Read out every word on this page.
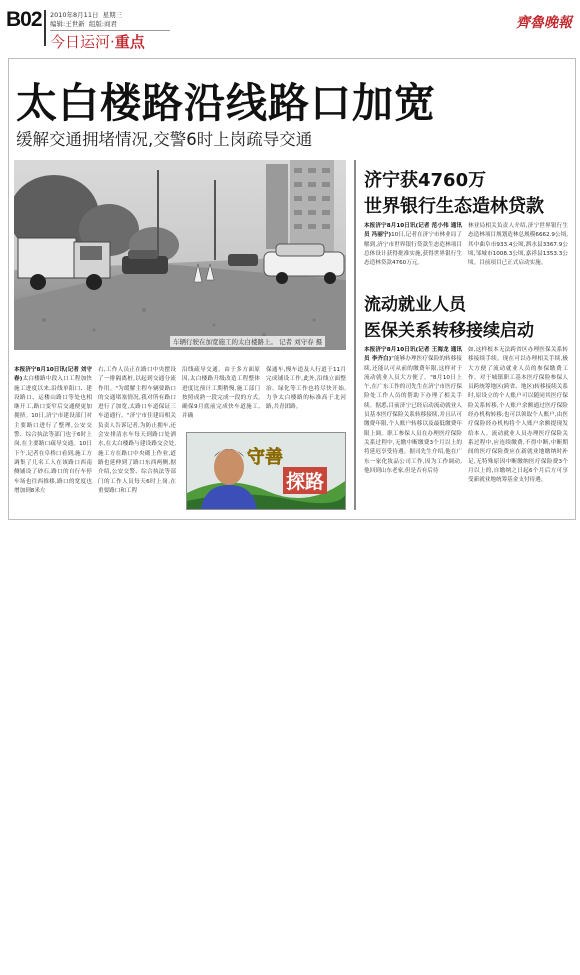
B02 2010年8月11日  星期三
编辑:王世新  组版:商君
今日运河·重点
齊魯晚報
太白楼路沿线路口加宽
缓解交通拥堵情况,交警6时上岗疏导交通
车辆行驶在加宽施工的太白楼路上。 记者 刘守春 摄
本报济宁8月10日讯(记者 刘守春)太白楼路中段入口工程加快施工进度以来,沿线单阳口、建设路口、运楼山路口等处也相继开工,路口变窄后交通便更加拥挤。10日,济宁市建设部门对主要路口进行了整理,公安交警、综合执法等部门也于6时上岗,在主要路口疏导交通。10日下午,记者在阜桥口看到,施工方调集了几名工人在该路口西南侧铺设了砂石,路口的自行车停车场也往西推移,路口的宽度也增加到8米左
右,工作人员正在路口中央摆设了一排隔离桩,以起到交通分流作用。"为缓解主程车辆要路口的交通堵塞情况,我对所有路口进行了加宽,太路口车道保证三车道通行。"济宁市住建局相关负责人告诉记者,为防止拥车,还会安排清水车每天到路口处洒水,在太白楼路与建设路交会处,施工方在路口中央砌上作业,道路也延伸到了路口东西两侧,据介绍,公安交警、综合执法等部门的工作人员每天6时上岗,在重要路口和工程
沿线疏导交通。由于多方面原因,太白楼路升级改造工程整体进度比预计工期稍慢,施工部门按照成熟一段完成一段的方式,确保9月底前完成快车道施工,并确
保通车,慢车道及人行道于11月完成铺设工作,此外,沿线立面整治、绿化等工作也将尽快开始,力争太白楼路的标准高于北河路,共青团路。
守善
探路
济宁获4760万
世界银行生态造林贷款
本报济宁8月10日讯(记者 范小伟 通讯员 冯丽宁)10日,记者在济宁市林业局了解到,济宁市世界银行贷款生态造林项目总体设计获得批准实施,获得世界银行生态造林贷款4760万元。
林业局相关负责人介绍,济宁世界银行生态造林项目规划造林总规模6662.9公顷,其中曲阜市933.4公顷,泗水县3367.9公顷,邹城市1008.3公顷,嘉祥县1353.3公顷。目前项目已正式启动实施。
流动就业人员
医保关系转移接续启动
本报济宁8月10日讯(记者 王海龙 通讯员 李齐白)"能够办理医疗保险的转移接续,还能认可从前的缴费年限,这样对于流动就业人员大方便了。"8月10日上午,在广东工作的司先生在济宁市医疗保险处工作人员的帮助下办理了相关手续。据悉,目前济宁已经启动流动就业人员基本医疗保险关系转移接续,并且认可缴费年限,个人账户转移以及最低缴费年限上调。职工参保人员在办理医疗保险关系过程中,无缴中断缴费3个月以上的将延迟享受待遇。据司先生介绍,他在广东一家化妆品公司工作,因为工作调动,他回到山东老家,但是否有后待
如,这样根本无法跨省区办理医保关系转移接续手续。现在可以办理相关手续,极大方便了流动就业人员的参保缴费工作。对于城镇职工基本医疗保险参保人员跨统筹地区(跨省、地区)转移接续关系时,原设立的个人账户可以随同其医疗保险关系转移,个人账户余额通过医疗保险经办机构转移;也可以领取个人账户,由医疗保险经办机构将个人账户余额提现发给本人。流动就业人员办理医疗保险关系过程中,应连续缴费,不得中断,中断期间的医疗保险费应在新就业地缴纳时补足,无特殊原因中断缴纳医疗保险费3个月以上的,自缴纳之日起6个月后方可享受新就业地统筹基金支付待遇。
